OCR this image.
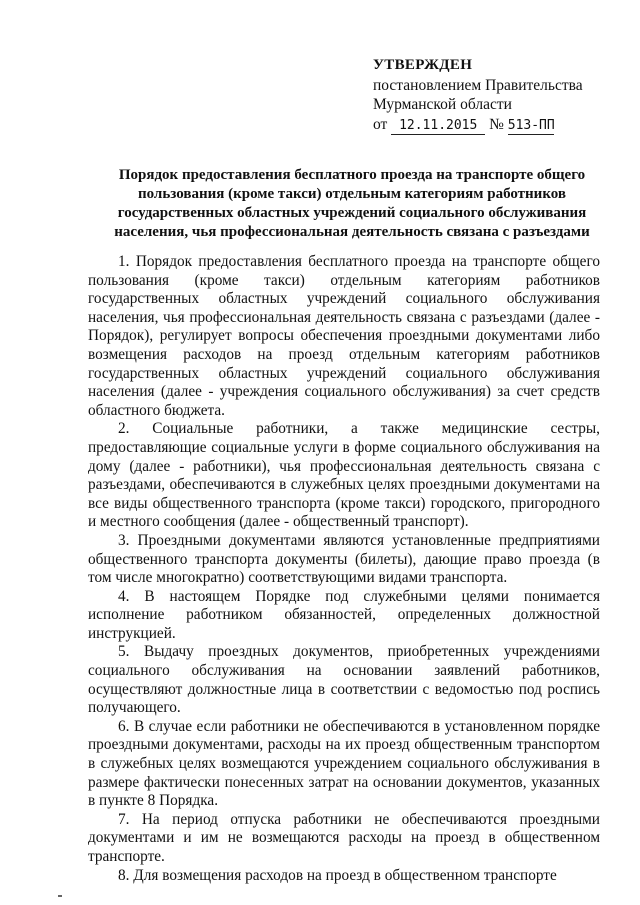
УТВЕРЖДЕН
постановлением Правительства
Мурманской области
от 12.11.2015 № 513-ПП
Порядок предоставления бесплатного проезда на транспорте общего пользования (кроме такси) отдельным категориям работников государственных областных учреждений социального обслуживания населения, чья профессиональная деятельность связана с разъездами

1. Порядок предоставления бесплатного проезда на транспорте общего пользования (кроме такси) отдельным категориям работников государственных областных учреждений социального обслуживания населения, чья профессиональная деятельность связана с разъездами (далее - Порядок), регулирует вопросы обеспечения проездными документами либо возмещения расходов на проезд отдельным категориям работников государственных областных учреждений социального обслуживания населения (далее - учреждения социального обслуживания) за счет средств областного бюджета.

2. Социальные работники, а также медицинские сестры, предоставляющие социальные услуги в форме социального обслуживания на дому (далее - работники), чья профессиональная деятельность связана с разъездами, обеспечиваются в служебных целях проездными документами на все виды общественного транспорта (кроме такси) городского, пригородного и местного сообщения (далее - общественный транспорт).

3. Проездными документами являются установленные предприятиями общественного транспорта документы (билеты), дающие право проезда (в том числе многократно) соответствующими видами транспорта.

4. В настоящем Порядке под служебными целями понимается исполнение работником обязанностей, определенных должностной инструкцией.

5. Выдачу проездных документов, приобретенных учреждениями социального обслуживания на основании заявлений работников, осуществляют должностные лица в соответствии с ведомостью под роспись получающего.

6. В случае если работники не обеспечиваются в установленном порядке проездными документами, расходы на их проезд общественным транспортом в служебных целях возмещаются учреждением социального обслуживания в размере фактически понесенных затрат на основании документов, указанных в пункте 8 Порядка.

7. На период отпуска работники не обеспечиваются проездными документами и им не возмещаются расходы на проезд в общественном транспорте.

8. Для возмещения расходов на проезд в общественном транспорте
